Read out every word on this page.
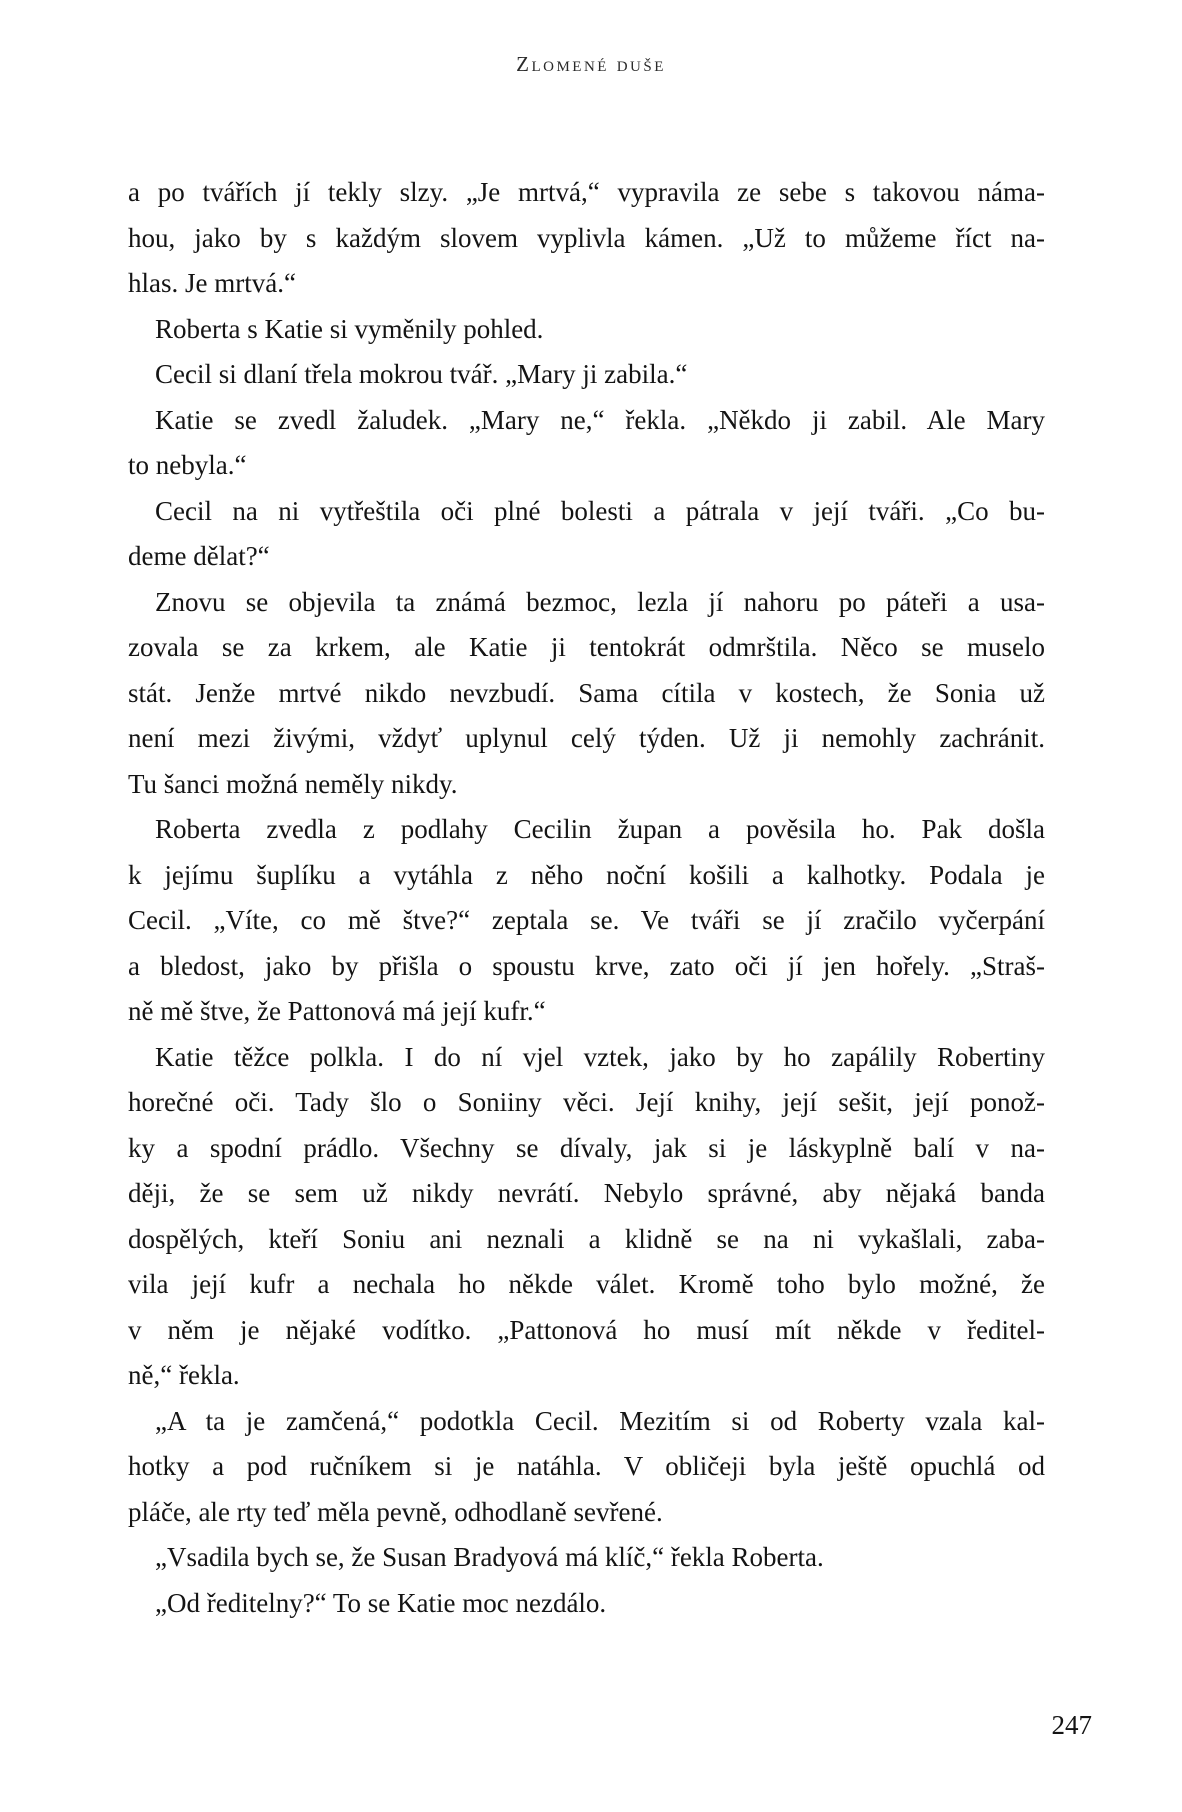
Zlomené duše
a po tvářích jí tekly slzy. „Je mrtvá,“ vypravila ze sebe s takovou náma-
hou, jako by s každým slovem vyplivla kámen. „Už to můžeme říct na-
hlas. Je mrtvá.“
Roberta s Katie si vyměnily pohled.
Cecil si dlaní třela mokrou tvář. „Mary ji zabila.“
Katie se zvedl žaludek. „Mary ne,“ řekla. „Někdo ji zabil. Ale Mary
to nebyla.“
Cecil na ni vytřeštila oči plné bolesti a pátrala v její tváři. „Co bu-
deme dělat?“
Znovu se objevila ta známá bezmoc, lezla jí nahoru po páteři a usa-
zovala se za krkem, ale Katie ji tentokrát odmrštila. Něco se muselo
stát. Jenže mrtvé nikdo nevzbudí. Sama cítila v kostech, že Sonia už
není mezi živými, vždyť uplynul celý týden. Už ji nemohly zachránit.
Tu šanci možná neměly nikdy.
Roberta zvedla z podlahy Cecilin župan a pověsila ho. Pak došla
k jejímu šuplíku a vytáhla z něho noční košili a kalhotky. Podala je
Cecil. „Víte, co mě štve?“ zeptala se. Ve tváři se jí zračilo vyčerpání
a bledost, jako by přišla o spoustu krve, zato oči jí jen hořely. „Straš-
ně mě štve, že Pattonová má její kufr.“
Katie těžce polkla. I do ní vjel vztek, jako by ho zapálily Robertiny
horečné oči. Tady šlo o Soniiny věci. Její knihy, její sešit, její ponož-
ky a spodní prádlo. Všechny se dívaly, jak si je láskyplně balí v na-
ději, že se sem už nikdy nevrátí. Nebylo správné, aby nějaká banda
dospělých, kteří Soniu ani neznali a klidně se na ni vykašlali, zaba-
vila její kufr a nechala ho někde válet. Kromě toho bylo možné, že
v něm je nějaké vodítko. „Pattonová ho musí mít někde v ředitel-
ně,“ řekla.
„A ta je zamčená,“ podotkla Cecil. Mezitím si od Roberty vzala kal-
hotky a pod ručníkem si je natáhla. V obličeji byla ještě opuchlá od
pláče, ale rty teď měla pevně, odhodlaně sevřené.
„Vsadila bych se, že Susan Bradyová má klíč,“ řekla Roberta.
„Od ředitelny?“ To se Katie moc nezdálo.
247
